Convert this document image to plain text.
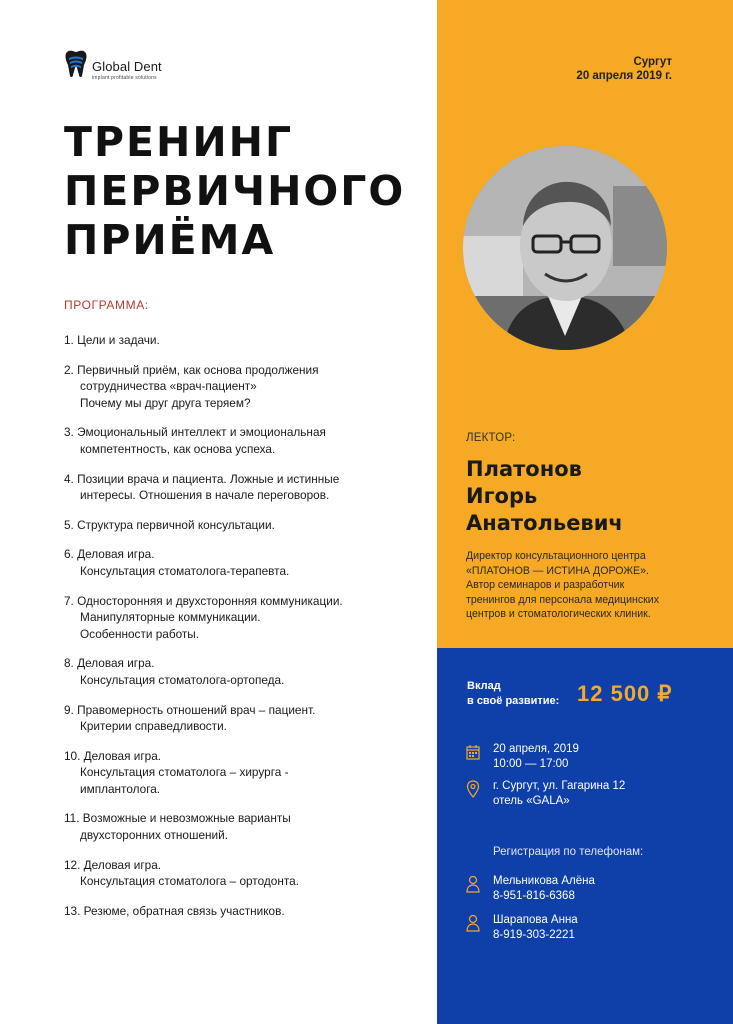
Global Dent
implant profitable solutions
ТРЕНИНГ
ПЕРВИЧНОГО
ПРИЁМА
ПРОГРАММА:
1. Цели и задачи.
2. Первичный приём, как основа продолжения
сотрудничества «врач-пациент»
Почему мы друг друга теряем?
3. Эмоциональный интеллект и эмоциональная
компетентность, как основа успеха.
4. Позиции врача и пациента. Ложные и истинные
интересы. Отношения в начале переговоров.
5. Структура первичной консультации.
6. Деловая игра.
Консультация стоматолога-терапевта.
7. Односторонняя и двухсторонняя коммуникации.
Манипуляторные коммуникации.
Особенности работы.
8. Деловая игра.
Консультация стоматолога-ортопеда.
9. Правомерность отношений врач – пациент.
Критерии справедливости.
10. Деловая игра.
Консультация стоматолога – хирурга -
имплантолога.
11. Возможные и невозможные варианты
двухсторонних отношений.
12. Деловая игра.
Консультация стоматолога – ортодонта.
13. Резюме, обратная связь участников.
Сургут
20 апреля 2019 г.
ЛЕКТОР:
Платонов
Игорь
Анатольевич
Директор консультационного центра
«ПЛАТОНОВ — ИСТИНА ДОРОЖЕ».
Автор семинаров и разработчик
тренингов для персонала медицинских
центров и стоматологических клиник.
Вклад
в своё развитие: 12 500 ₽
20 апреля, 2019
10:00 — 17:00
г. Сургут, ул. Гагарина 12
отель «GALA»
Регистрация по телефонам:
Мельникова Алёна
8-951-816-6368
Шарапова Анна
8-919-303-2221
